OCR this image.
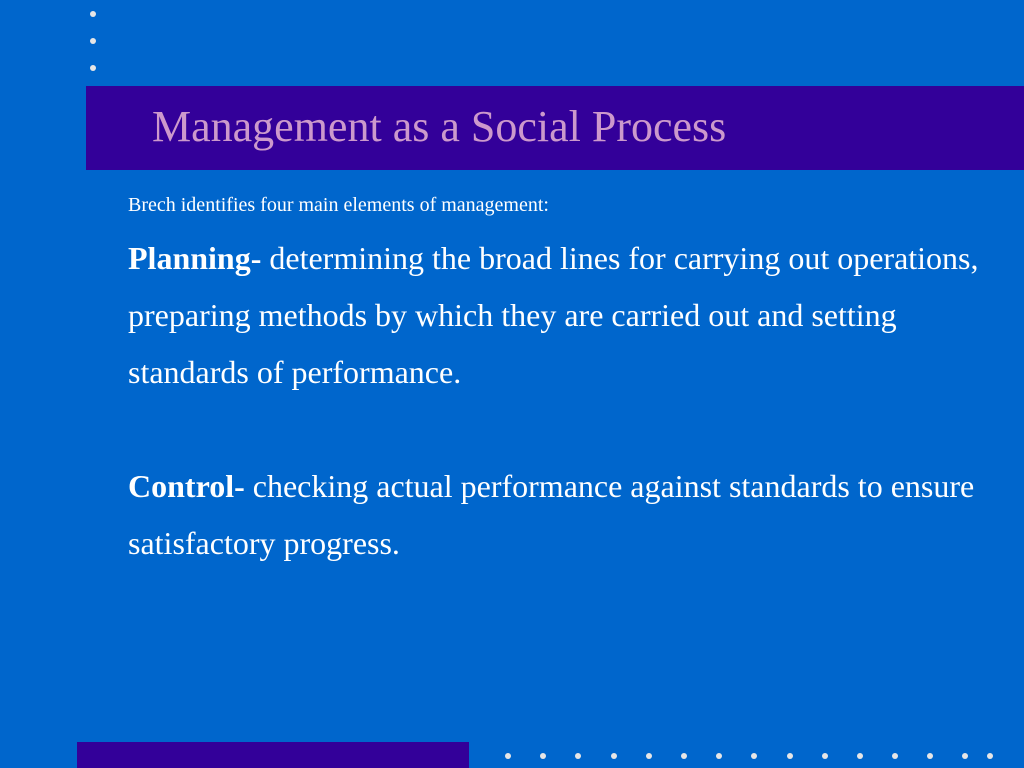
Management as a Social Process

Brech identifies four main elements of management:

Planning- determining the broad lines for carrying out operations, preparing methods by which they are carried out and setting standards of performance.

Control- checking actual performance against standards to ensure satisfactory progress.
